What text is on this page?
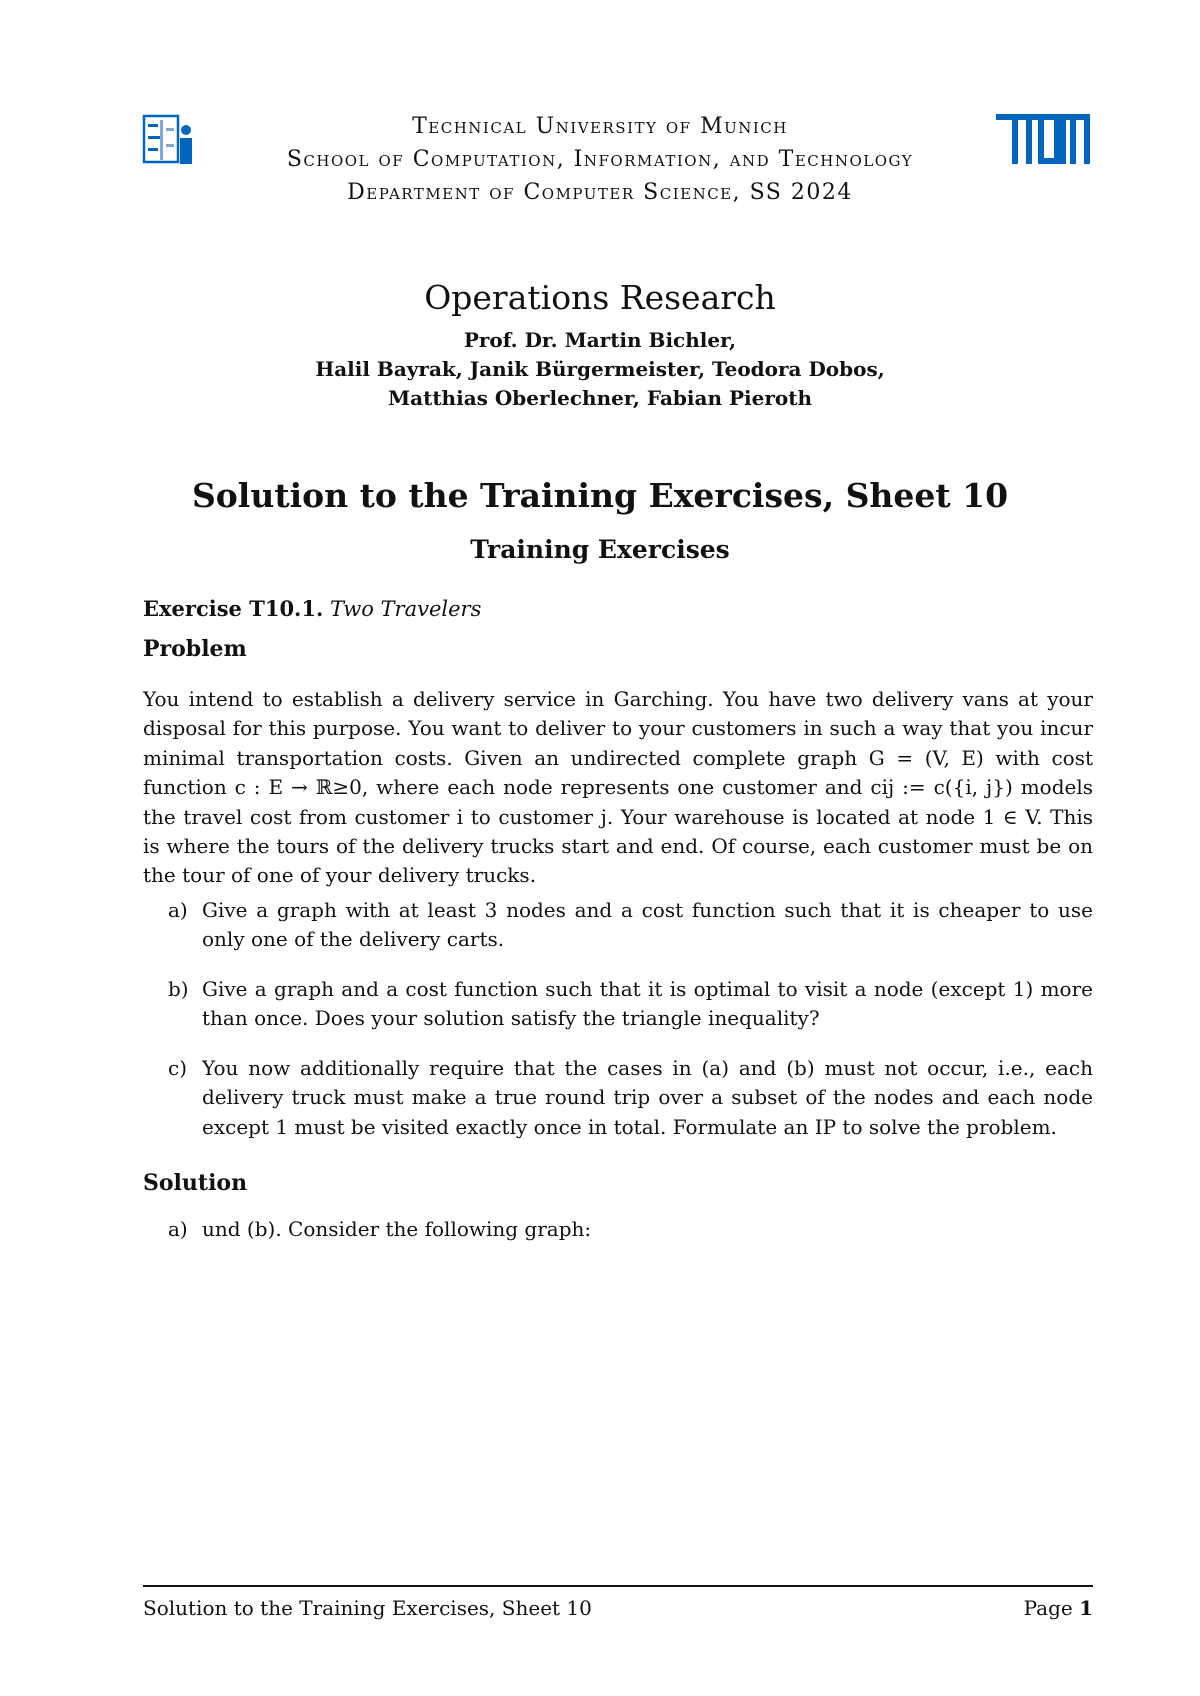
Technical University of Munich
School of Computation, Information, and Technology
Department of Computer Science, SS 2024
Operations Research
Prof. Dr. Martin Bichler,
Halil Bayrak, Janik Bürgermeister, Teodora Dobos,
Matthias Oberlechner, Fabian Pieroth
Solution to the Training Exercises, Sheet 10
Training Exercises
Exercise T10.1. Two Travelers
Problem
You intend to establish a delivery service in Garching. You have two delivery vans at your disposal for this purpose. You want to deliver to your customers in such a way that you incur minimal transportation costs. Given an undirected complete graph G = (V, E) with cost function c : E → ℝ≥0, where each node represents one customer and cij := c({i, j}) models the travel cost from customer i to customer j. Your warehouse is located at node 1 ∈ V. This is where the tours of the delivery trucks start and end. Of course, each customer must be on the tour of one of your delivery trucks.
a) Give a graph with at least 3 nodes and a cost function such that it is cheaper to use only one of the delivery carts.
b) Give a graph and a cost function such that it is optimal to visit a node (except 1) more than once. Does your solution satisfy the triangle inequality?
c) You now additionally require that the cases in (a) and (b) must not occur, i.e., each delivery truck must make a true round trip over a subset of the nodes and each node except 1 must be visited exactly once in total. Formulate an IP to solve the problem.
Solution
a) und (b). Consider the following graph:
Solution to the Training Exercises, Sheet 10	Page 1
